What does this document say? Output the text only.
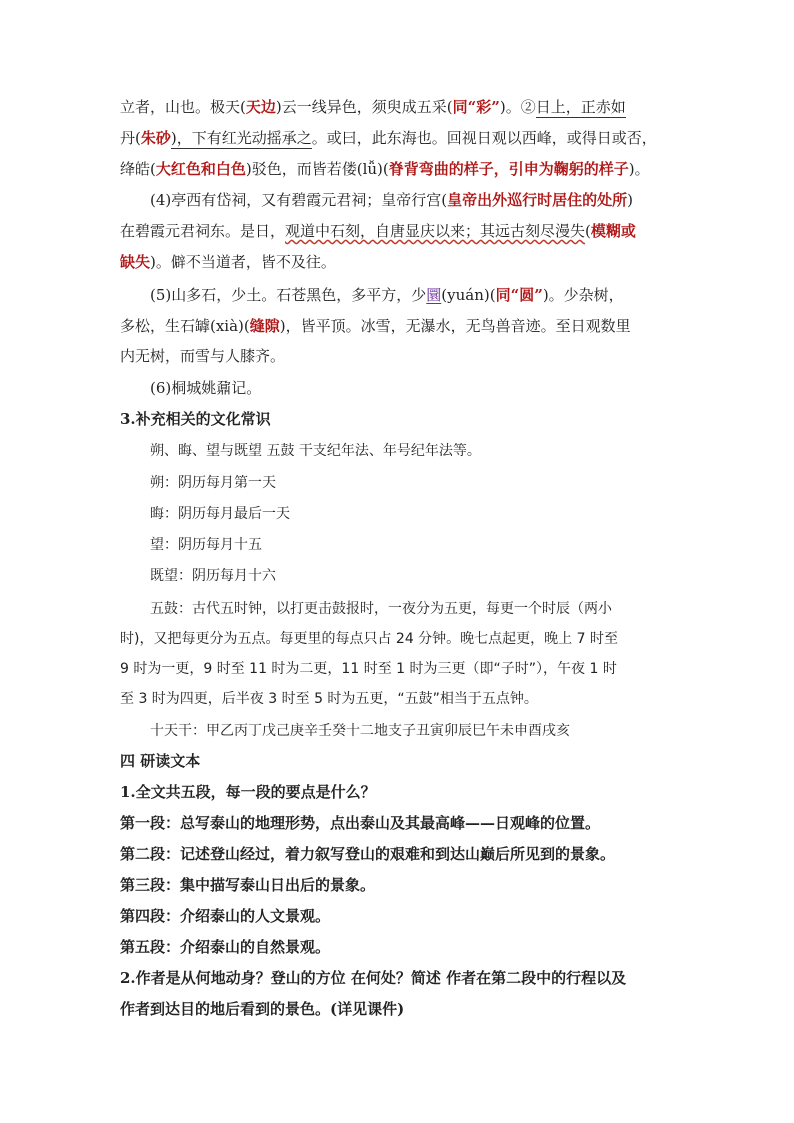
立者，山也。极天(天边)云一线异色，须臾成五采(同“彩”)。②日上，正赤如
丹(朱砂)，下有红光动摇承之。或曰，此东海也。回视日观以西峰，或得日或否，
绛皓(大红色和白色)驳色，而皆若偻(lǚ)(脊背弯曲的样子，引申为鞠躬的样子)。
(4)亭西有岱祠，又有碧霞元君祠；皇帝行宫(皇帝出外巡行时居住的处所)
在碧霞元君祠东。是日，观道中石刻，自唐显庆以来；其远古刻尽漫失(模糊或
缺失)。僻不当道者，皆不及往。
(5)山多石，少土。石苍黑色，多平方，少圜(yuán)(同“圆”)。少杂树，
多松，生石罅(xià)(缝隙)，皆平顶。冰雪，无瀑水，无鸟兽音迹。至日观数里
内无树，而雪与人膝齐。
(6)桐城姚鼐记。
3.补充相关的文化常识
朔、晦、望与既望 五鼓 干支纪年法、年号纪年法等。
朔：阴历每月第一天
晦：阴历每月最后一天
望：阴历每月十五
既望：阴历每月十六
五鼓：古代五时钟，以打更击鼓报时，一夜分为五更，每更一个时辰（两小
时)，又把每更分为五点。每更里的每点只占 24 分钟。晚七点起更，晚上 7 时至
9 时为一更，9 时至 11 时为二更，11 时至 1 时为三更（即“子时”），午夜 1 时
至 3 时为四更，后半夜 3 时至 5 时为五更，“五鼓”相当于五点钟。
十天干：甲乙丙丁戊己庚辛壬癸十二地支子丑寅卯辰巳午未申酉戌亥
四 研读文本
1.全文共五段，每一段的要点是什么？
第一段：总写泰山的地理形势，点出泰山及其最高峰——日观峰的位置。
第二段：记述登山经过，着力叙写登山的艰难和到达山巅后所见到的景象。
第三段：集中描写泰山日出后的景象。
第四段：介绍泰山的人文景观。
第五段：介绍泰山的自然景观。
2.作者是从何地动身？登山的方位 在何处？简述 作者在第二段中的行程以及
作者到达目的地后看到的景色。(详见课件)
